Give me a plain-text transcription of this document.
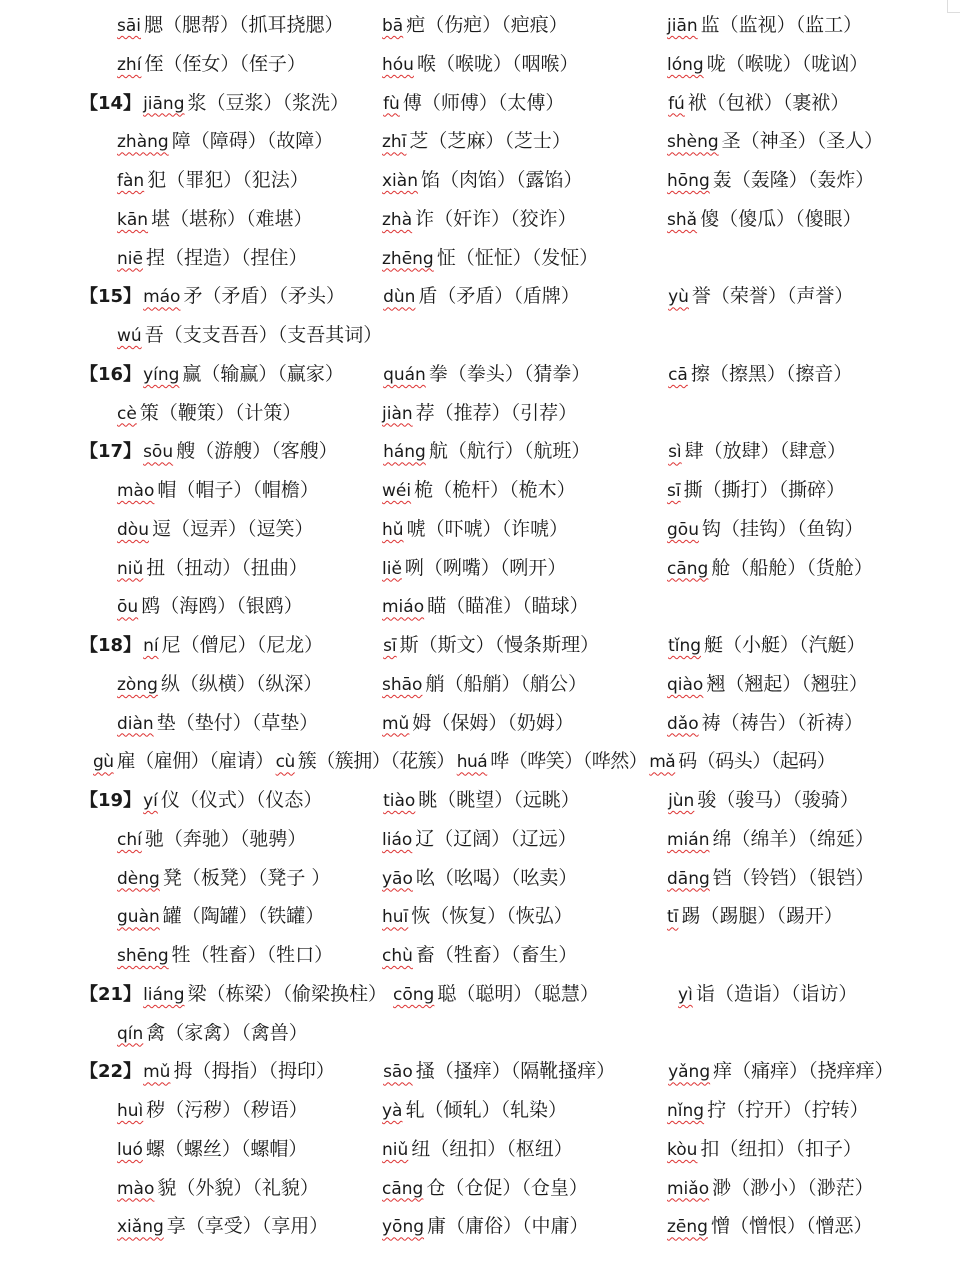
sāi 腮（腮帮）（抓耳挠腮）	bā 疤（伤疤）（疤痕）	jiān 监（监视）（监工）
zhí 侄（侄女）（侄子）	hóu 喉（喉咙）（咽喉）	lóng 咙（喉咙）（咙讻）
【14】 jiāng 浆（豆浆）（浆洗）	fù 傅（师傅）（太傅）	fú 袱（包袱）（裹袱）
zhàng 障（障碍）（故障）	zhī 芝（芝麻）（芝士）	shèng 圣（神圣）（圣人）
fàn 犯（罪犯）（犯法）	xiàn 馅（肉馅）（露馅）	hōng 轰（轰隆）（轰炸）
kān 堪（堪称）（难堪）	zhà 诈（奸诈）（狡诈）	shǎ 傻（傻瓜）（傻眼）
niē 捏（捏造）（捏住）	zhēng 怔（怔怔）（发怔）
【15】 máo 矛（矛盾）（矛头）	dùn 盾（矛盾）（盾牌）	yù 誉（荣誉）（声誉）
wú 吾（支支吾吾）（支吾其词）
【16】 yíng 赢（输赢）（赢家）	quán 拳（拳头）（猜拳）	cā 擦（擦黑）（擦音）
cè 策（鞭策）（计策）	jiàn 荐（推荐）（引荐）
【17】 sōu 艘（游艘）（客艘）	háng 航（航行）（航班）	sì 肆（放肆）（肆意）
mào 帽（帽子）（帽檐）	wéi 桅（桅杆）（桅木）	sī 撕（撕打）（撕碎）
dòu 逗（逗弄）（逗笑）	hǔ 唬（吓唬）（诈唬）	gōu 钩（挂钩）（鱼钩）
niǔ 扭（扭动）（扭曲）	liě 咧（咧嘴）（咧开）	cāng 舱（船舱）（货舱）
ōu 鸥（海鸥）（银鸥）	miáo 瞄（瞄准）（瞄球）
【18】 ní 尼（僧尼）（尼龙）	sī 斯（斯文）（慢条斯理）	tǐng 艇（小艇）（汽艇）
zòng 纵（纵横）（纵深）	shāo 艄（船艄）（艄公）	qiào 翘（翘起）（翘驻）
diàn 垫（垫付）（草垫）	mǔ 姆（保姆）（奶姆）	dǎo 祷（祷告）（祈祷）
gù 雇（雇佣）（雇请） cù 簇（簇拥）（花簇） huá 哗（哗笑）（哗然） mǎ 码（码头）（起码）
【19】 yí 仪（仪式）（仪态）	tiào 眺（眺望）（远眺）	jùn 骏（骏马）（骏骑）
chí 驰（奔驰）（驰骋）	liáo 辽（辽阔）（辽远）	mián 绵（绵羊）（绵延）
dèng 凳（板凳）（凳子 ）	yāo 吆（吆喝）（吆卖）	dāng 铛（铃铛）（银铛）
guàn 罐（陶罐）（铁罐）	huī 恢（恢复）（恢弘）	tī 踢（踢腿）（踢开）
shēng 牲（牲畜）（牲口）	chù 畜（牲畜）（畜生）
【21】 liáng 梁（栋梁）（偷梁换柱） cōng 聪（聪明）（聪慧）	yì 诣（造诣）（诣访）
qín 禽（家禽）（禽兽）
【22】 mǔ 拇（拇指）（拇印）	sāo 搔（搔痒）（隔靴搔痒）	yǎng 痒（痛痒）（挠痒痒）
huì 秽（污秽）（秽语）	yà 轧（倾轧）（轧染）	nǐng 拧（拧开）（拧转）
luó 螺（螺丝）（螺帽）	niǔ 纽（纽扣）（枢纽）	kòu 扣（纽扣）（扣子）
mào 貌（外貌）（礼貌）	cāng 仓（仓促）（仓皇）	miǎo 渺（渺小）（渺茫）
xiǎng 享（享受）（享用）	yōng 庸（庸俗）（中庸）	zēng 憎（憎恨）（憎恶）
